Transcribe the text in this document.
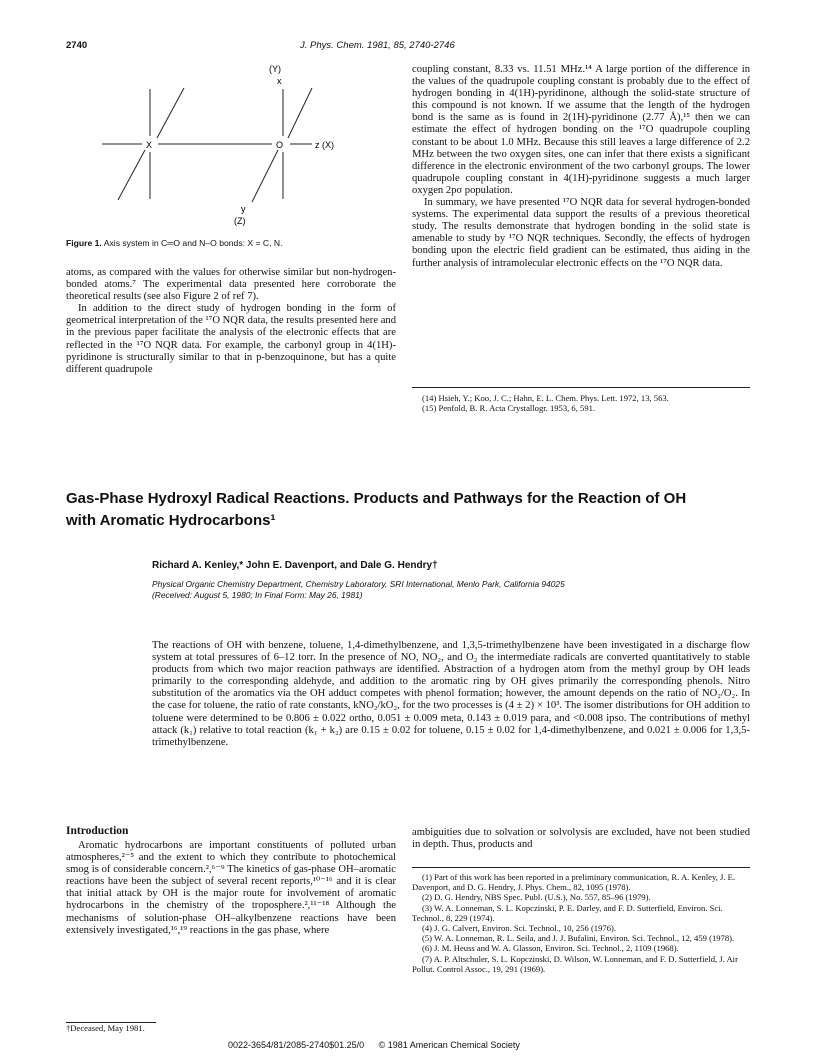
2740	J. Phys. Chem. 1981, 85, 2740-2746
(Y)
x
X	O	z (X)
y
(Z)
Figure 1. Axis system in C═O and N–O bonds: X = C, N.

atoms, as compared with the values for otherwise similar but non-hydrogen-bonded atoms.⁷ The experimental data presented here corroborate the theoretical results (see also Figure 2 of ref 7).

In addition to the direct study of hydrogen bonding in the form of geometrical interpretation of the ¹⁷O NQR data, the results presented here and in the previous paper facilitate the analysis of the electronic effects that are reflected in the ¹⁷O NQR data. For example, the carbonyl group in 4(1H)-pyridinone is structurally similar to that in p-benzoquinone, but has a quite different quadrupole

coupling constant, 8.33 vs. 11.51 MHz.¹⁴ A large portion of the difference in the values of the quadrupole coupling constant is probably due to the effect of hydrogen bonding in 4(1H)-pyridinone, although the solid-state structure of this compound is not known. If we assume that the length of the hydrogen bond is the same as is found in 2(1H)-pyridinone (2.77 Å),¹⁵ then we can estimate the effect of hydrogen bonding on the ¹⁷O quadrupole coupling constant to be about 1.0 MHz. Because this still leaves a large difference of 2.2 MHz between the two oxygen sites, one can infer that there exists a significant difference in the electronic environment of the two carbonyl groups. The lower quadrupole coupling constant in 4(1H)-pyridinone suggests a much larger oxygen 2pσ population.

In summary, we have presented ¹⁷O NQR data for several hydrogen-bonded systems. The experimental data support the results of a previous theoretical study. The results demonstrate that hydrogen bonding in the solid state is amenable to study by ¹⁷O NQR techniques. Secondly, the effects of hydrogen bonding upon the electric field gradient can be estimated, thus aiding in the further analysis of intramolecular electronic effects on the ¹⁷O NQR data.

(14) Hsieh, Y.; Koo, J. C.; Hahn, E. L. Chem. Phys. Lett. 1972, 13, 563.
(15) Penfold, B. R. Acta Crystallogr. 1953, 6, 591.
Gas-Phase Hydroxyl Radical Reactions. Products and Pathways for the Reaction of OH
with Aromatic Hydrocarbons¹
Richard A. Kenley,* John E. Davenport, and Dale G. Hendry†
Physical Organic Chemistry Department, Chemistry Laboratory, SRI International, Menlo Park, California 94025
(Received: August 5, 1980; In Final Form: May 26, 1981)
The reactions of OH with benzene, toluene, 1,4-dimethylbenzene, and 1,3,5-trimethylbenzene have been investigated in a discharge flow system at total pressures of 6–12 torr. In the presence of NO, NO₂, and O₂ the intermediate radicals are converted quantitatively to stable products from which two major reaction pathways are identified. Abstraction of a hydrogen atom from the methyl group by OH leads primarily to the corresponding aldehyde, and addition to the aromatic ring by OH gives primarily the corresponding phenols. Nitro substitution of the aromatics via the OH adduct competes with phenol formation; however, the amount depends on the ratio of NO₂/O₂. In the case for toluene, the ratio of rate constants, kNO₂/kO₂, for the two processes is (4 ± 2) × 10³. The isomer distributions for OH addition to toluene were determined to be 0.806 ± 0.022 ortho, 0.051 ± 0.009 meta, 0.143 ± 0.019 para, and <0.008 ipso. The contributions of methyl attack (k₁) relative to total reaction (k₁ + k₂) are 0.15 ± 0.02 for toluene, 0.15 ± 0.02 for 1,4-dimethylbenzene, and 0.021 ± 0.006 for 1,3,5-trimethylbenzene.
Introduction

Aromatic hydrocarbons are important constituents of polluted urban atmospheres,²⁻⁵ and the extent to which they contribute to photochemical smog is of considerable concern.²,⁶⁻⁹ The kinetics of gas-phase OH–aromatic reactions have been the subject of several recent reports,¹⁰⁻¹⁶ and it is clear that initial attack by OH is the major route for involvement of aromatic hydrocarbons in the chemistry of the troposphere.²,¹¹⁻¹⁸ Although the mechanisms of solution-phase OH–alkylbenzene reactions have been extensively investigated,¹⁶,¹⁹ reactions in the gas phase, where

†Deceased, May 1981.

ambiguities due to solvation or solvolysis are excluded, have not been studied in depth. Thus, products and

(1) Part of this work has been reported in a preliminary communication, R. A. Kenley, J. E. Davenport, and D. G. Hendry, J. Phys. Chem., 82, 1095 (1978).
(2) D. G. Hendry, NBS Spec. Publ. (U.S.), No. 557, 85–96 (1979).
(3) W. A. Lonneman, S. L. Kopczinski, P. E. Darley, and F. D. Sutterfield, Environ. Sci. Technol., 8, 229 (1974).
(4) J. G. Calvert, Environ. Sci. Technol., 10, 256 (1976).
(5) W. A. Lonneman, R. L. Seila, and J. J. Bufalini, Environ. Sci. Technol., 12, 459 (1978).
(6) J. M. Heuss and W. A. Glasson, Environ. Sci. Technol., 2, 1109 (1968).
(7) A. P. Altschuler, S. L. Kopczinski, D. Wilson, W. Lonneman, and F. D. Sutterfield, J. Air Pollut. Control Assoc., 19, 291 (1969).
0022-3654/81/2085-2740$01.25/0 © 1981 American Chemical Society
